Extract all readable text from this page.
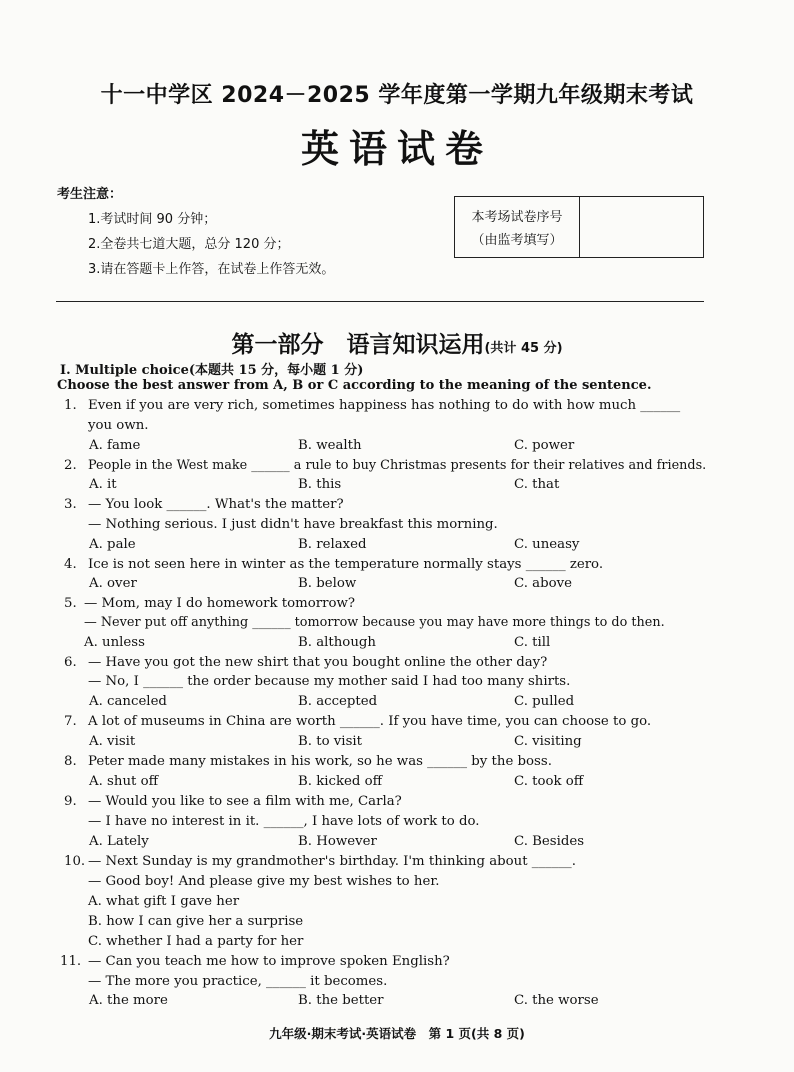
十一中学区 2024－2025 学年度第一学期九年级期末考试
英语试卷
考生注意：
1.考试时间 90 分钟；
2.全卷共七道大题，总分 120 分；
3.请在答题卡上作答，在试卷上作答无效。
本考场试卷序号
（由监考填写）
第一部分　语言知识运用(共计 45 分)
Ⅰ. Multiple choice(本题共 15 分，每小题 1 分)
Choose the best answer from A, B or C according to the meaning of the sentence.
1. Even if you are very rich, sometimes happiness has nothing to do with how much ______
you own.
A. fame	B. wealth	C. power
2. People in the West make ______ a rule to buy Christmas presents for their relatives and friends.
A. it	B. this	C. that
3. — You look ______. What's the matter?
— Nothing serious. I just didn't have breakfast this morning.
A. pale	B. relaxed	C. uneasy
4. Ice is not seen here in winter as the temperature normally stays ______ zero.
A. over	B. below	C. above
5. — Mom, may I do homework tomorrow?
— Never put off anything ______ tomorrow because you may have more things to do then.
A. unless	B. although	C. till
6. — Have you got the new shirt that you bought online the other day?
— No, I ______ the order because my mother said I had too many shirts.
A. canceled	B. accepted	C. pulled
7. A lot of museums in China are worth ______. If you have time, you can choose to go.
A. visit	B. to visit	C. visiting
8. Peter made many mistakes in his work, so he was ______ by the boss.
A. shut off	B. kicked off	C. took off
9. — Would you like to see a film with me, Carla?
— I have no interest in it. ______, I have lots of work to do.
A. Lately	B. However	C. Besides
10. — Next Sunday is my grandmother's birthday. I'm thinking about ______.
— Good boy! And please give my best wishes to her.
A. what gift I gave her
B. how I can give her a surprise
C. whether I had a party for her
11. — Can you teach me how to improve spoken English?
— The more you practice, ______ it becomes.
A. the more	B. the better	C. the worse
九年级·期末考试·英语试卷　第 1 页(共 8 页)
